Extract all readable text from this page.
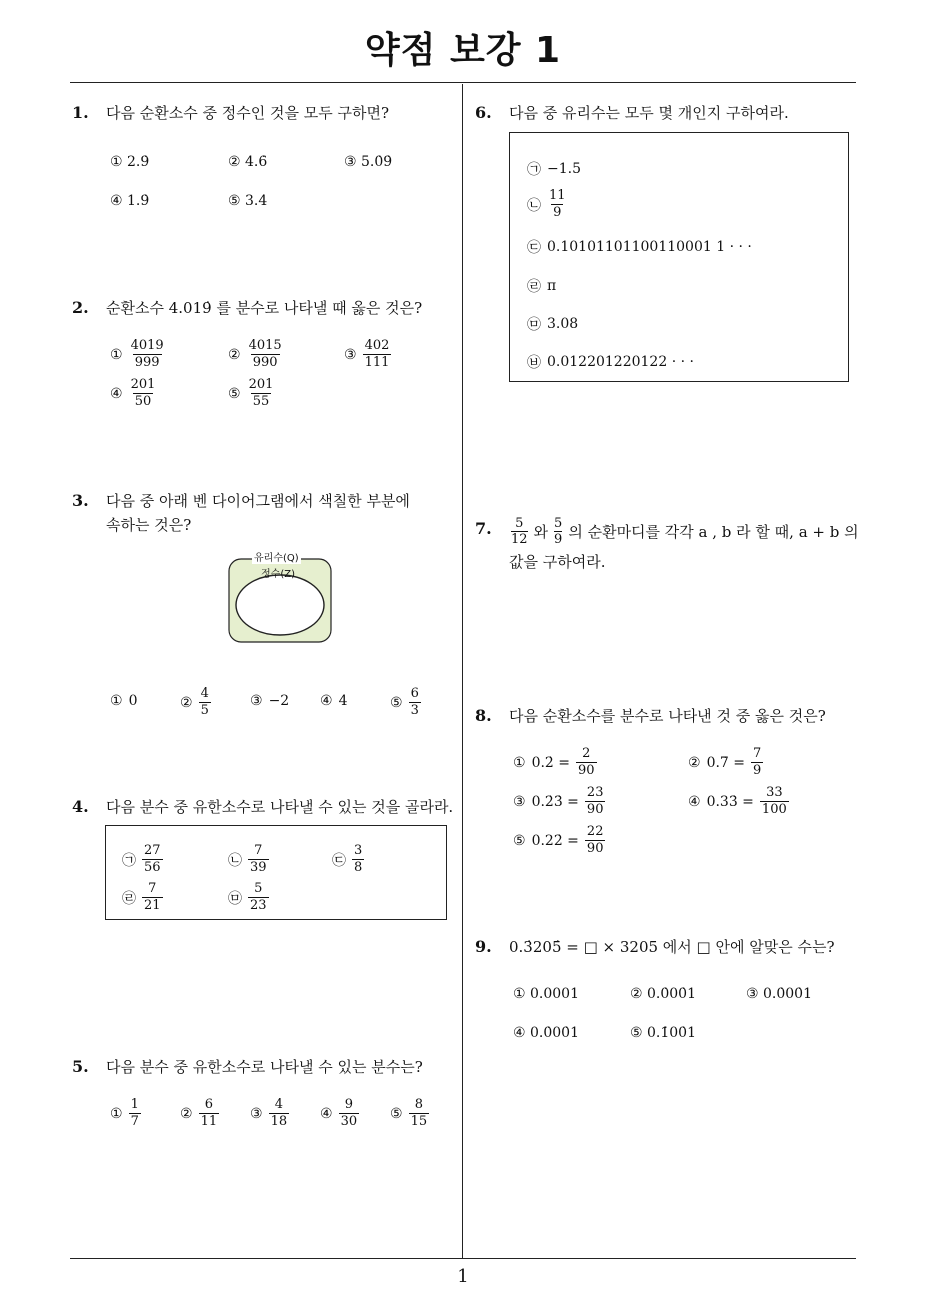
약점 보강 1
1
1. 다음 순환소수 중 정수인 것을 모두 구하면?
① 2.9̇	② 4.6̇	③ 5.0̇9̇
④ 1.9̇	⑤ 3.4̇
2. 순환소수 4.019̇ 를 분수로 나타낼 때 옳은 것은?
① $\frac{4019}{999}$	② $\frac{4015}{990}$	③ $\frac{402}{111}$
④ $\frac{201}{50}$	⑤ $\frac{201}{55}$
3. 다음 중 아래 벤 다이어그램에서 색칠한 부분에
속하는 것은?
유리수(Q)
정수(Z)
① 0	② $\frac{4}{5}$	③ −2 ④ 4	⑤ $\frac{6}{3}$
4. 다음 분수 중 유한소수로 나타낼 수 있는 것을 골라라.
㉠ $\frac{27}{56}$	㉡ $\frac{7}{39}$	㉢ $\frac{3}{8}$
㉣ $\frac{7}{21}$	㉤ $\frac{5}{23}$
5. 다음 분수 중 유한소수로 나타낼 수 있는 분수는?
① $\frac{1}{7}$	② $\frac{6}{11}$ ③ $\frac{4}{18}$ ④ $\frac{9}{30}$ ⑤ $\frac{8}{15}$
6. 다음 중 유리수는 모두 몇 개인지 구하여라.
㉠ −1.5
㉡ $\frac{11}{9}$
㉢ 0.10101101100110001 1 · · ·
㉣ π
㉤ 3.08
㉥ 0.012201220122 · · ·
7. $\frac{5}{12}$ 와 $\frac{5}{9}$ 의 순환마디를 각각 a , b 라 할 때, a + b 의
값을 구하여라.
8. 다음 순환소수를 분수로 나타낸 것 중 옳은 것은?
① 0.2̇ = $\frac{2}{90}$	② 0.7̇ = $\frac{7}{9}$
③ 0.2̇3̇ = $\frac{23}{90}$	④ 0.33̇ = $\frac{33}{100}$
⑤ 0.22̇ = $\frac{22}{90}$
9. 0.3̇205̇ = □ × 3205 에서 □ 안에 알맞은 수는?
① 0.0001	② 0.0̇00̇1	③ 0.0̇00̇1
④ 0.0̇00̇1	⑤ 0.1̇00̇1
